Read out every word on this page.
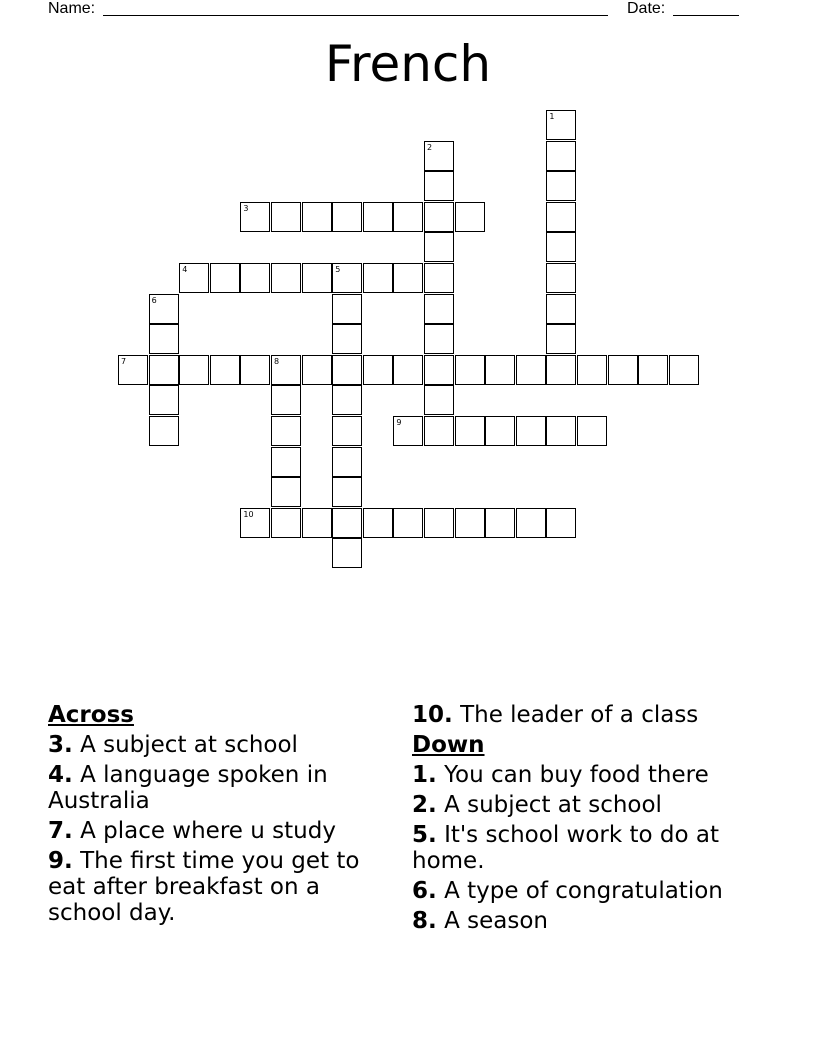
Name:	Date:
French
1
2
3
4	5
6
7	8
9
10
Across
3. A subject at school
4. A language spoken in Australia
7. A place where u study
9. The first time you get to eat after breakfast on a school day.
10. The leader of a class
Down
1. You can buy food there
2. A subject at school
5. It's school work to do at home.
6. A type of congratulation
8. A season
